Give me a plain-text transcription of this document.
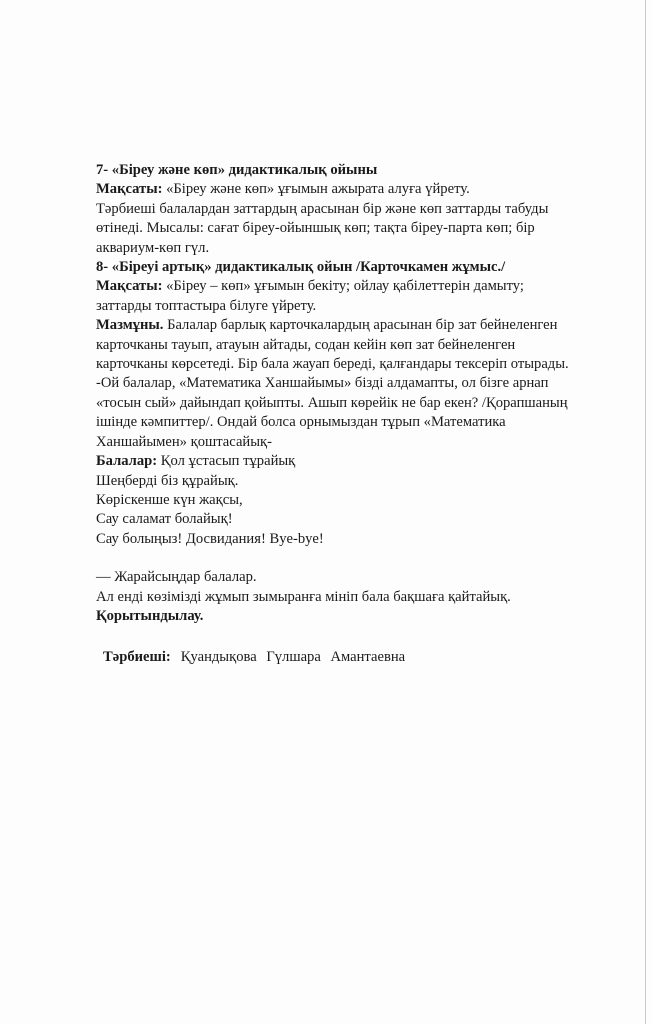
7- «Біреу және көп» дидактикалық ойыны
Мақсаты: «Біреу және көп» ұғымын ажырата алуға үйрету.
Тәрбиеші балалардан заттардың арасынан бір және көп заттарды табуды
өтінеді. Мысалы: сағат біреу-ойыншық көп; тақта біреу-парта көп; бір
аквариум-көп гүл.
8- «Біреуі артық» дидактикалық ойын /Карточкамен жұмыс./
Мақсаты: «Біреу – көп» ұғымын бекіту; ойлау қабілеттерін дамыту;
заттарды топтастыра білуге үйрету.
Мазмұны. Балалар барлық карточкалардың арасынан бір зат бейнеленген
карточканы тауып, атауын айтады, содан кейін көп зат бейнеленген
карточканы көрсетеді. Бір бала жауап береді, қалғандары тексеріп отырады.
-Ой балалар, «Математика Ханшайымы» бізді алдамапты, ол бізге арнап
«тосын сый» дайындап қойыпты. Ашып көрейік не бар екен? /Қорапшаның
ішінде кәмпиттер/. Ондай болса орнымыздан тұрып «Математика
Ханшайымен» қоштасайық-
Балалар: Қол ұстасып тұрайық
Шеңберді біз құрайық.
Көріскенше күн жақсы,
Сау саламат болайық!
Сау болыңыз! Досвидания! Bye-bye!
— Жарайсыңдар балалар.
Ал енді көзімізді жұмып зымыранға мініп бала бақшаға қайтайық.
Қорытындылау.
Тәрбиеші: Қуандықова Гүлшара Амантаевна
